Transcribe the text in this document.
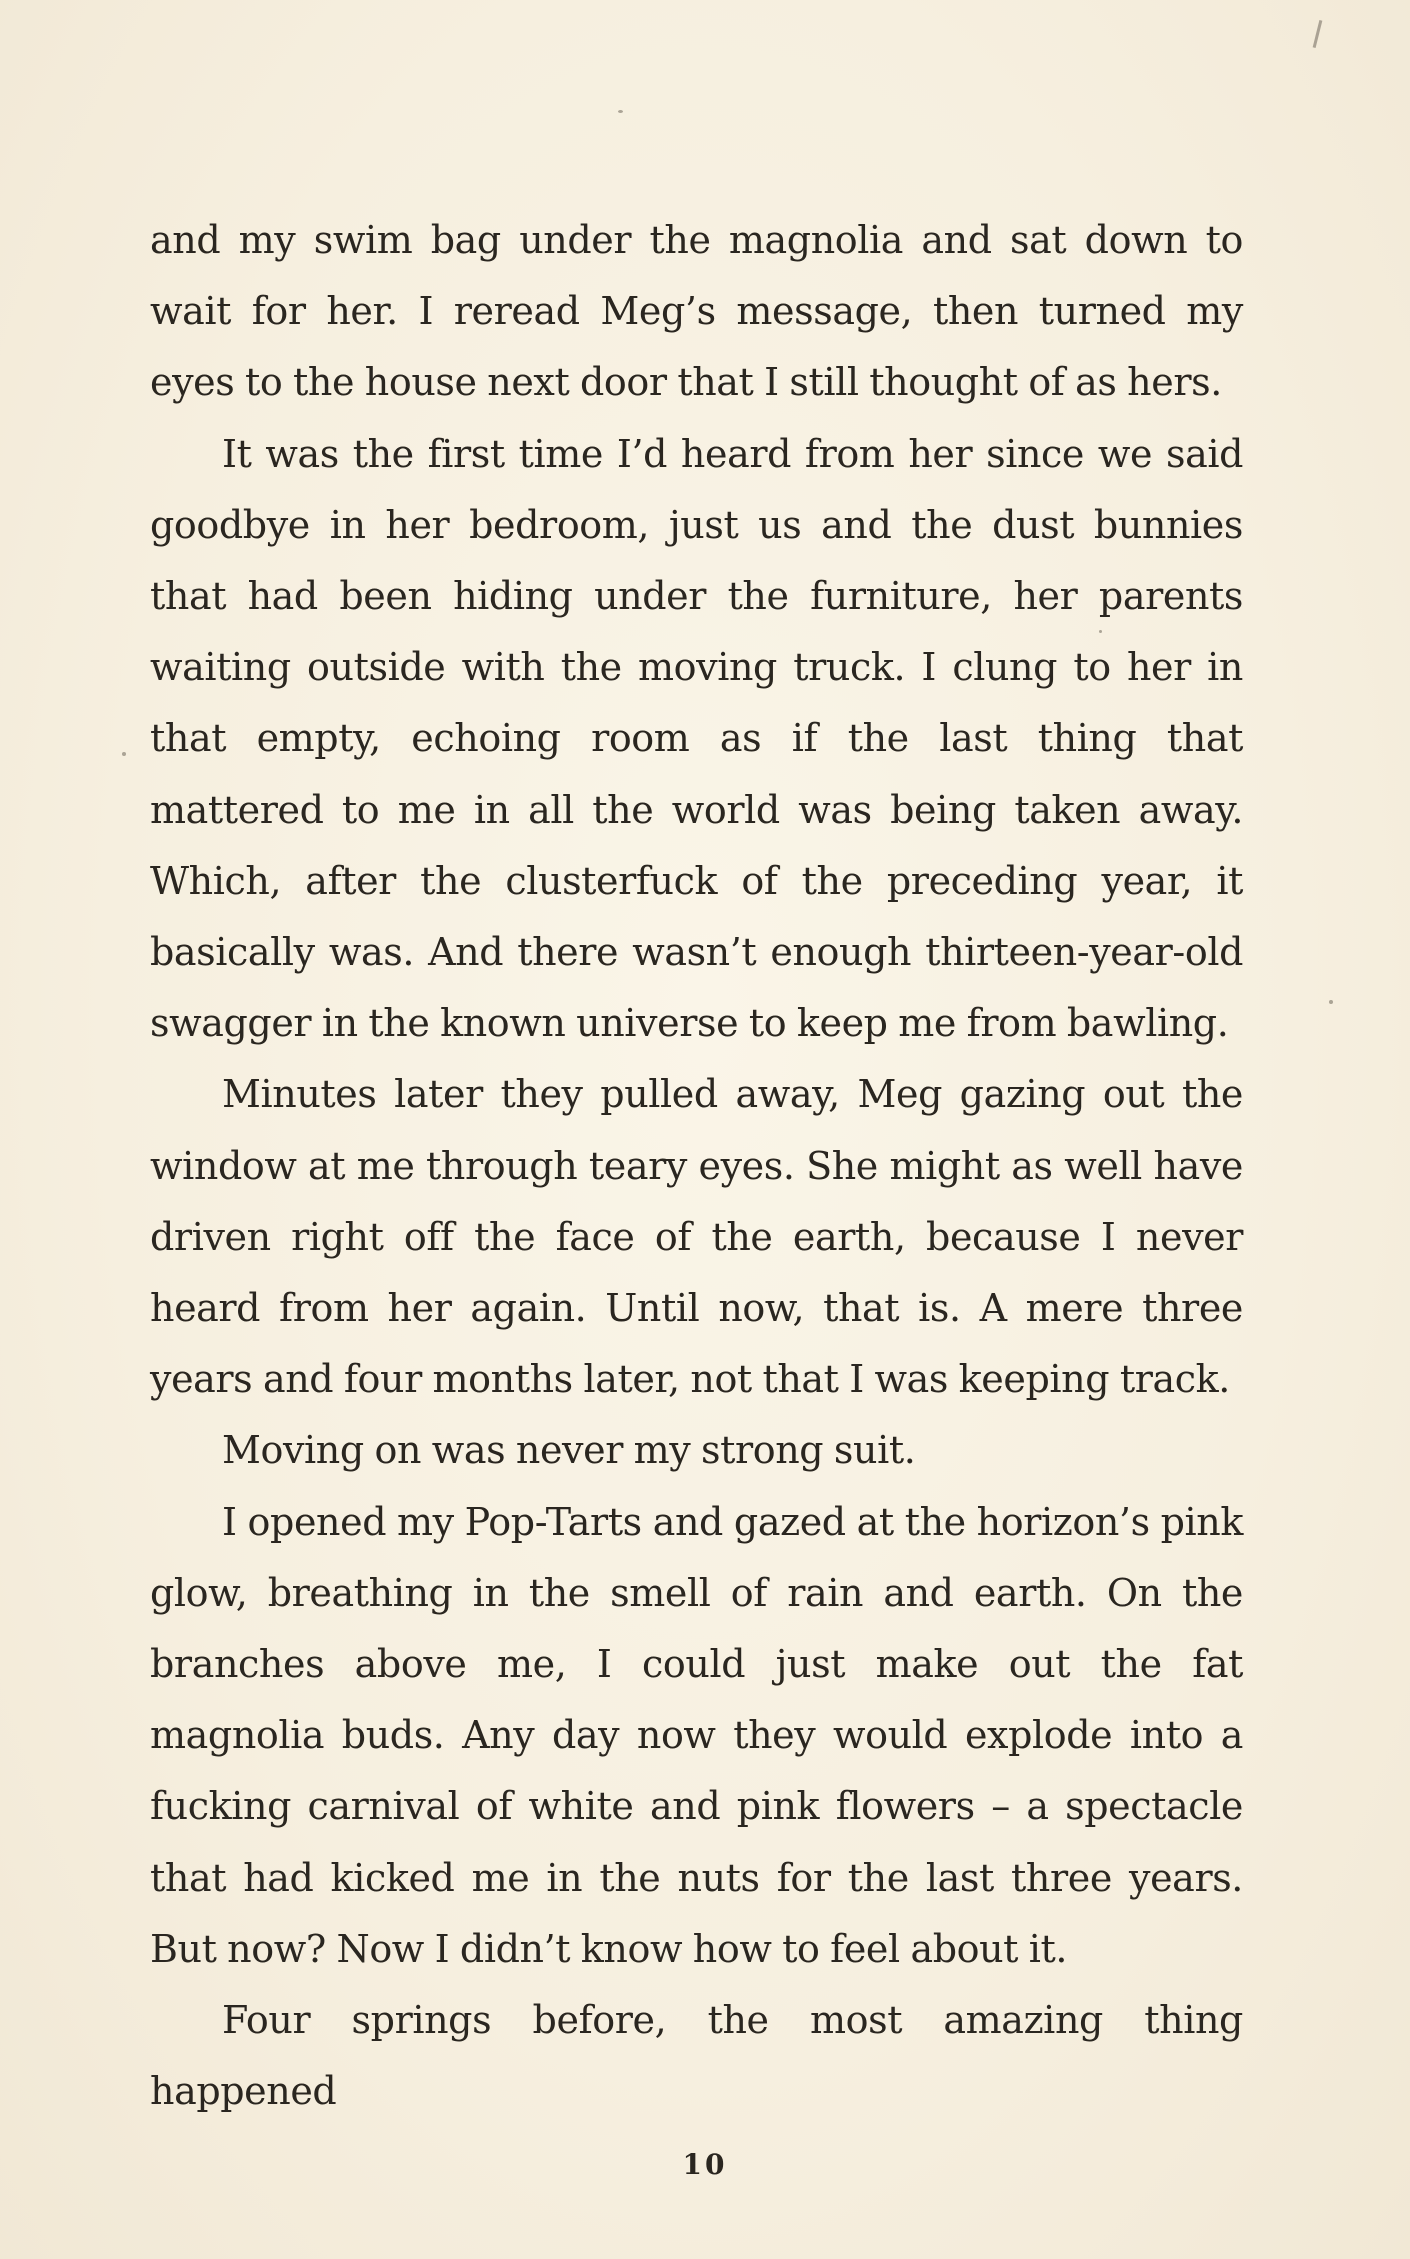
and my swim bag under the magnolia and sat down to wait for her. I reread Meg’s message, then turned my eyes to the house next door that I still thought of as hers.

It was the first time I’d heard from her since we said goodbye in her bedroom, just us and the dust bunnies that had been hiding under the furniture, her parents waiting outside with the moving truck. I clung to her in that empty, echoing room as if the last thing that mattered to me in all the world was being taken away. Which, after the clusterfuck of the preceding year, it basically was. And there wasn’t enough thirteen-year-old swagger in the known universe to keep me from bawling.

Minutes later they pulled away, Meg gazing out the window at me through teary eyes. She might as well have driven right off the face of the earth, because I never heard from her again. Until now, that is. A mere three years and four months later, not that I was keeping track.

Moving on was never my strong suit.

I opened my Pop-Tarts and gazed at the horizon’s pink glow, breathing in the smell of rain and earth. On the branches above me, I could just make out the fat magnolia buds. Any day now they would explode into a fucking carnival of white and pink flowers – a spectacle that had kicked me in the nuts for the last three years. But now? Now I didn’t know how to feel about it.

Four springs before, the most amazing thing happened

10
